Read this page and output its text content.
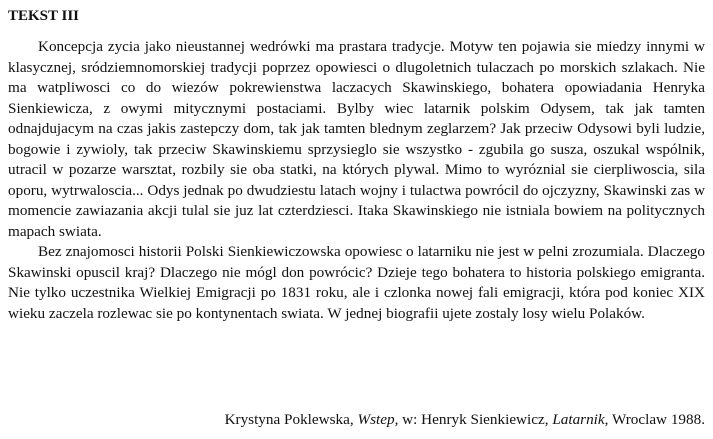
TEKST III

Koncepcja zycia jako nieustannej wedrówki ma prastara tradycje. Motyw ten pojawia sie miedzy innymi w klasycznej, sródziemnomorskiej tradycji poprzez opowiesci o dlugoletnich tulaczach po morskich szlakach. Nie ma watpliwosci co do wiezów pokrewienstwa laczacych Skawinskiego, bohatera opowiadania Henryka Sienkiewicza, z owymi mitycznymi postaciami. Bylby wiec latarnik polskim Odysem, tak jak tamten odnajdujacym na czas jakis zastepczy dom, tak jak tamten blednym zeglarzem? Jak przeciw Odysowi byli ludzie, bogowie i zywioly, tak przeciw Skawinskiemu sprzysieglo sie wszystko - zgubila go susza, oszukal wspólnik, utracil w pozarze warsztat, rozbily sie oba statki, na których plywal. Mimo to wyróznial sie cierpliwoscia, sila oporu, wytrwaloscia... Odys jednak po dwudziestu latach wojny i tulactwa powrócil do ojczyzny, Skawinski zas w momencie zawiazania akcji tulal sie juz lat czterdziesci. Itaka Skawinskiego nie istniala bowiem na politycznych mapach swiata.

Bez znajomosci historii Polski Sienkiewiczowska opowiesc o latarniku nie jest w pelni zrozumiala. Dlaczego Skawinski opuscil kraj? Dlaczego nie mógl don powrócic? Dzieje tego bohatera to historia polskiego emigranta. Nie tylko uczestnika Wielkiej Emigracji po 1831 roku, ale i czlonka nowej fali emigracji, która pod koniec XIX wieku zaczela rozlewac sie po kontynentach swiata. W jednej biografii ujete zostaly losy wielu Polaków.

Krystyna Poklewska, Wstep, w: Henryk Sienkiewicz, Latarnik, Wroclaw 1988.
